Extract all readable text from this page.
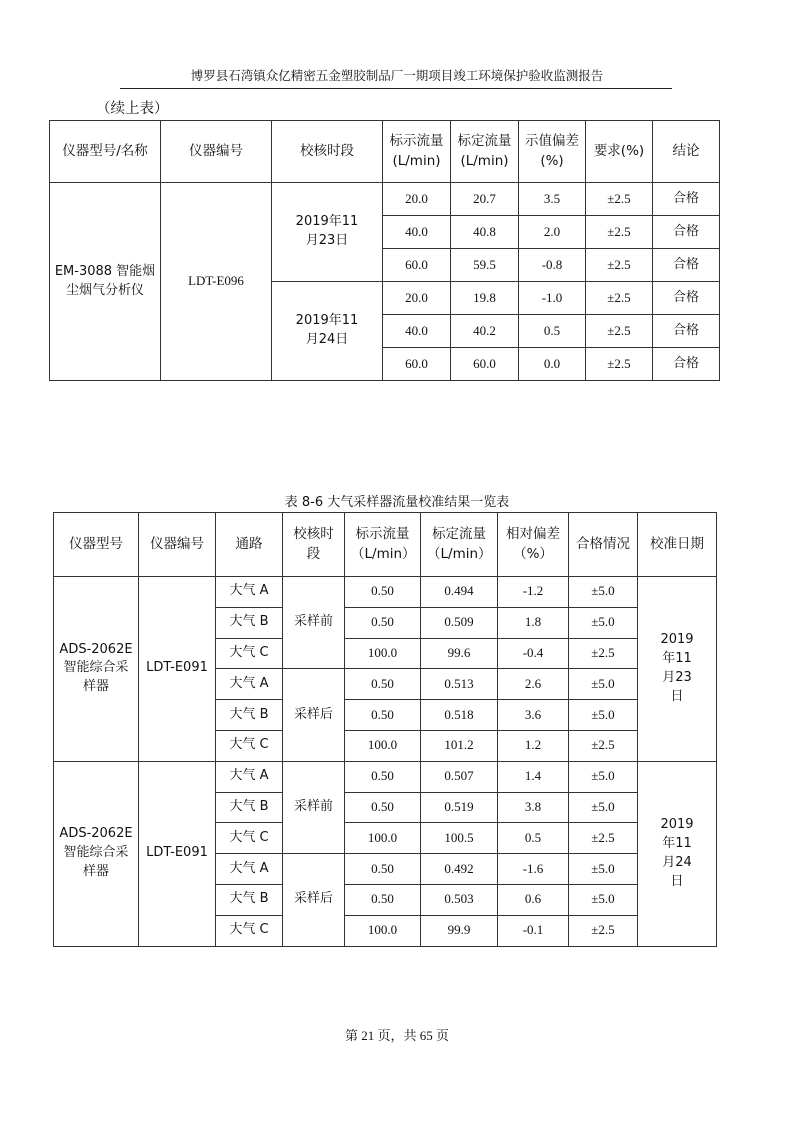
博罗县石湾镇众亿精密五金塑胶制品厂一期项目竣工环境保护验收监测报告
（续上表）
仪器型号/名称	仪器编号	校核时段	标示流量(L/min)	标定流量(L/min)	示值偏差(%)	要求(%)	结论
EM-3088 智能烟尘烟气分析仪	LDT-E096	2019年11月23日	20.0	20.7	3.5	±2.5	合格
			40.0	40.8	2.0	±2.5	合格
			60.0	59.5	-0.8	±2.5	合格
		2019年11月24日	20.0	19.8	-1.0	±2.5	合格
			40.0	40.2	0.5	±2.5	合格
			60.0	60.0	0.0	±2.5	合格
表 8-6 大气采样器流量校准结果一览表
仪器型号	仪器编号	通路	校核时段	标示流量（L/min）	标定流量（L/min）	相对偏差（%）	合格情况	校准日期
ADS-2062E 智能综合采样器	LDT-E091	大气 A	采样前	0.50	0.494	-1.2	±5.0	2019年11月23日
		大气 B		0.50	0.509	1.8	±5.0	
		大气 C		100.0	99.6	-0.4	±2.5	
		大气 A	采样后	0.50	0.513	2.6	±5.0	
		大气 B		0.50	0.518	3.6	±5.0	
		大气 C		100.0	101.2	1.2	±2.5	
ADS-2062E 智能综合采样器	LDT-E091	大气 A	采样前	0.50	0.507	1.4	±5.0	2019年11月24日
		大气 B		0.50	0.519	3.8	±5.0	
		大气 C		100.0	100.5	0.5	±2.5	
		大气 A	采样后	0.50	0.492	-1.6	±5.0	
		大气 B		0.50	0.503	0.6	±5.0	
		大气 C		100.0	99.9	-0.1	±2.5	
第 21 页，共 65 页
